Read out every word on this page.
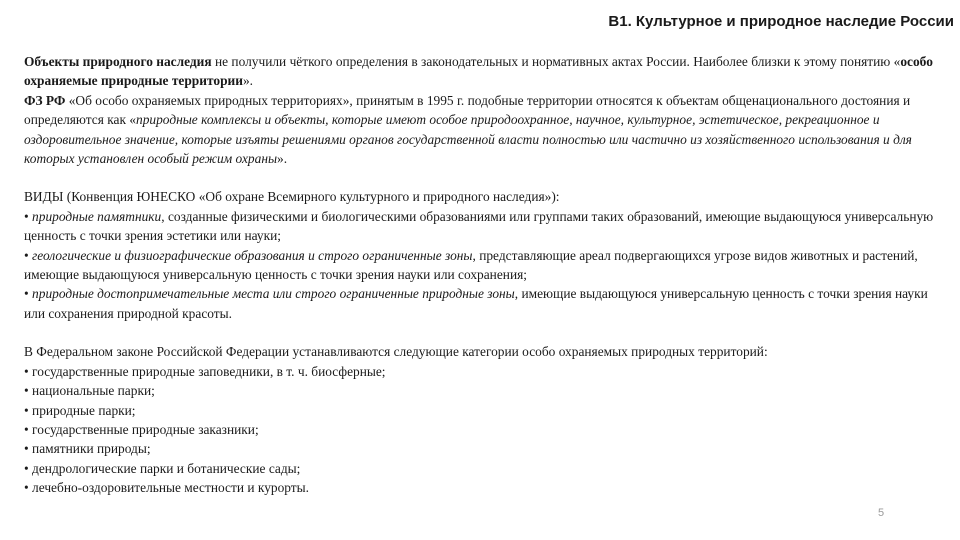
В1. Культурное и природное наследие России

Объекты природного наследия не получили чёткого определения в законодательных и нормативных актах России. Наиболее близки к этому понятию «особо охраняемые природные территории».
ФЗ РФ «Об особо охраняемых природных территориях», принятым в 1995 г. подобные территории относятся к объектам общенационального достояния и определяются как «природные комплексы и объекты, которые имеют особое природоохранное, научное, культурное, эстетическое, рекреационное и оздоровительное значение, которые изъяты решениями органов государственной власти полностью или частично из хозяйственного использования и для которых установлен особый режим охраны».

ВИДЫ (Конвенция ЮНЕСКО «Об охране Всемирного культурного и природного наследия»):
• природные памятники, созданные физическими и биологическими образованиями или группами таких образований, имеющие выдающуюся универсальную ценность с точки зрения эстетики или науки;
• геологические и физиографические образования и строго ограниченные зоны, представляющие ареал подвергающихся угрозе видов животных и растений, имеющие выдающуюся универсальную ценность с точки зрения науки или сохранения;
• природные достопримечательные места или строго ограниченные природные зоны, имеющие выдающуюся универсальную ценность с точки зрения науки или сохранения природной красоты.

В Федеральном законе Российской Федерации устанавливаются следующие категории особо охраняемых природных территорий:
• государственные природные заповедники, в т. ч. биосферные;
• национальные парки;
• природные парки;
• государственные природные заказники;
• памятники природы;
• дендрологические парки и ботанические сады;
• лечебно-оздоровительные местности и курорты.

5
